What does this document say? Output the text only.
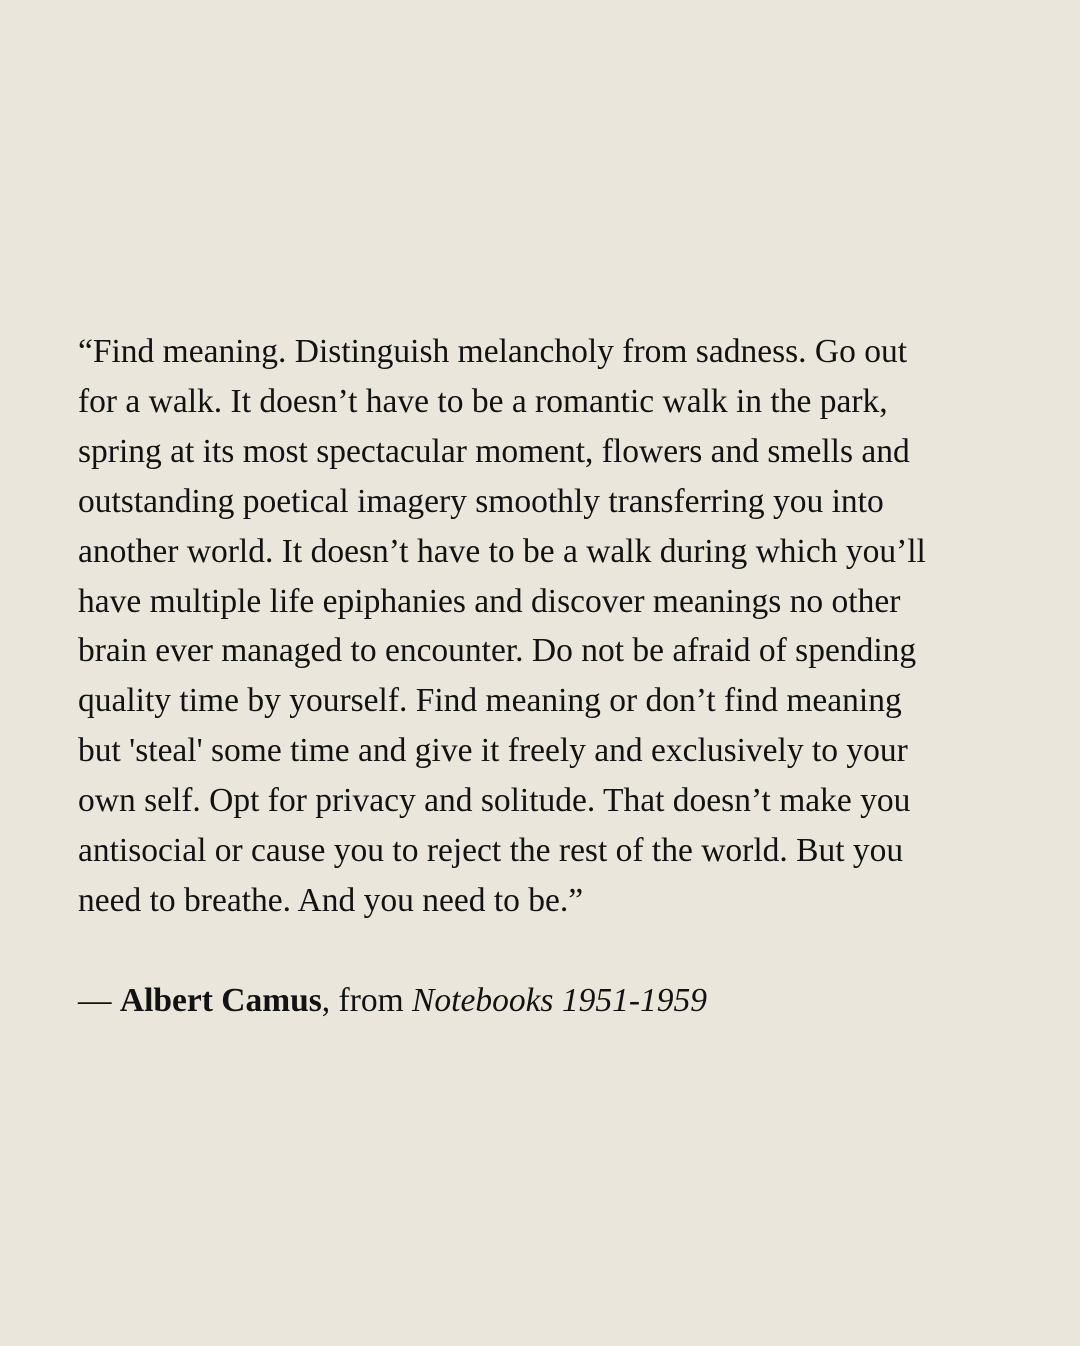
“Find meaning. Distinguish melancholy from sadness. Go out
for a walk. It doesn’t have to be a romantic walk in the park,
spring at its most spectacular moment, flowers and smells and
outstanding poetical imagery smoothly transferring you into
another world. It doesn’t have to be a walk during which you’ll
have multiple life epiphanies and discover meanings no other
brain ever managed to encounter. Do not be afraid of spending
quality time by yourself. Find meaning or don’t find meaning
but 'steal' some time and give it freely and exclusively to your
own self. Opt for privacy and solitude. That doesn’t make you
antisocial or cause you to reject the rest of the world. But you
need to breathe. And you need to be.”

— Albert Camus, from Notebooks 1951-1959
